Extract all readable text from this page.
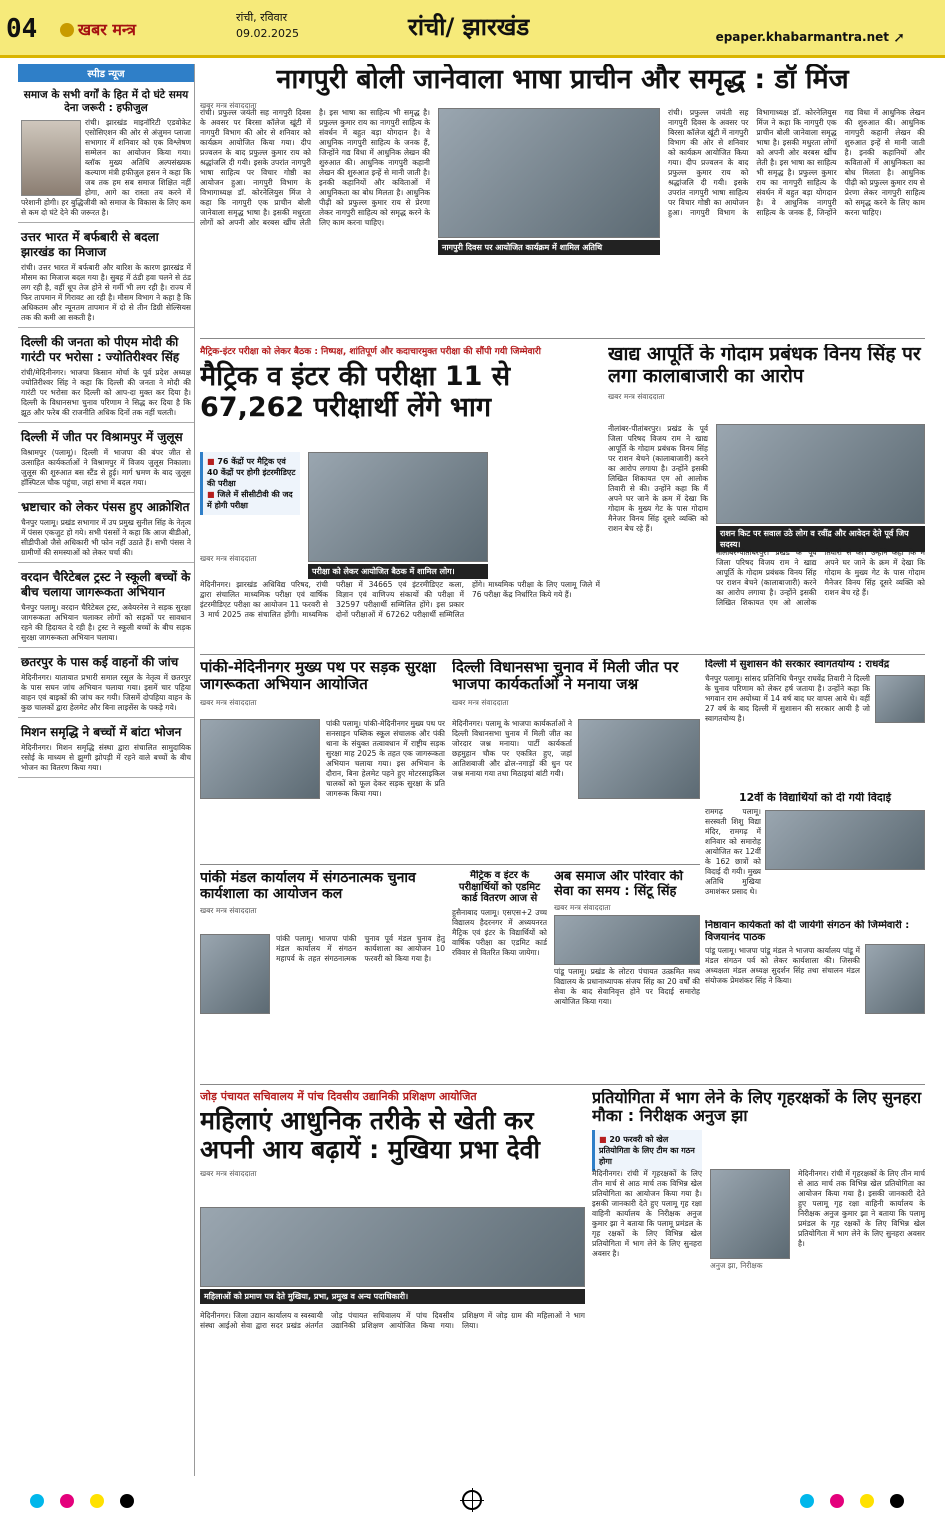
04	खबर मन्त्र
रांची, रविवार
09.02.2025	रांची/ झारखंड	epaper.khabarmantra.net ➚
स्पीड न्यूज
समाज के सभी वर्गों के हित में दो घंटे समय देना जरूरी : हफीजुल
रांची। झारखंड माइनॉरिटी एडवोकेट एसोसिएशन की ओर से अंजुमन प्लाजा सभागार में शनिवार को एक विश्लेषण सम्मेलन का आयोजन किया गया। ब्लॉक मुख्य अतिथि अल्पसंख्यक कल्याण मंत्री हफीजुल हसन ने कहा कि जब तक हम सब समाज शिक्षित नहीं होगा, आगे का रास्ता तय करने में परेशानी होगी। हर बुद्धिजीवी को समाज के विकास के लिए कम से कम दो घंटे देने की जरूरत है।
उत्तर भारत में बर्फबारी से बदला झारखंड का मिजाज
रांची। उत्तर भारत में बर्फबारी और बारिश के कारण झारखंड में मौसम का मिजाज बदल गया है। सुबह में ठंडी हवा चलने से ठंड लग रही है, वहीं धूप तेज होने से गर्मी भी लग रही है। राज्य में फिर तापमान में गिरावट आ रही है। मौसम विभाग ने कहा है कि अधिकतम और न्यूनतम तापमान में दो से तीन डिग्री सेल्सियस तक की कमी आ सकती है।
दिल्ली की जनता को पीएम मोदी की गारंटी पर भरोसा : ज्योतिरीश्वर सिंह
रांची/मेदिनीनगर। भाजपा किसान मोर्चा के पूर्व प्रदेश अध्यक्ष ज्योतिरीश्वर सिंह ने कहा कि दिल्ली की जनता ने मोदी की गारंटी पर भरोसा कर दिल्ली को आप-दा मुक्त कर दिया है। दिल्ली के विधानसभा चुनाव परिणाम ने सिद्ध कर दिया है कि झूठ और फरेब की राजनीति अधिक दिनों तक नहीं चलती।
दिल्ली में जीत पर विश्रामपुर में जुलूस
विश्रामपुर (पलामू)। दिल्ली में भाजपा की बंपर जीत से उत्साहित कार्यकर्ताओं ने विश्रामपुर में विजय जुलूस निकाला। जुलूस की शुरुआत बस स्टैंड से हुई। मार्ग भ्रमण के बाद जुलूस हॉस्पिटल चौक पहुंचा, जहां सभा में बदल गया।
भ्रष्टाचार को लेकर पंसस हुए आक्रोशित
चैनपुर पलामू। प्रखंड सभागार में उप प्रमुख सुनील सिंह के नेतृत्व में पंसस एकजुट हो गये। सभी पंससों ने कहा कि आज बीडीओ, सीडीपीओ जैसे अधिकारी भी फोन नहीं उठाते हैं। सभी पंसस ने ग्रामीणों की समस्याओं को लेकर चर्चा की।
वरदान चैरिटेबल ट्रस्ट ने स्कूली बच्चों के बीच चलाया जागरूकता अभियान
चैनपुर पलामू। वरदान चैरिटेबल ट्रस्ट, अवेयरनेस ने सड़क सुरक्षा जागरूकता अभियान चलाकर लोगों को सड़कों पर सावधान रहने की हिदायत दे रही है। ट्रस्ट ने स्कूली बच्चों के बीच सड़क सुरक्षा जागरूकता अभियान चलाया।
छतरपुर के पास कई वाहनों की जांच
मेदिनीनगर। यातायात प्रभारी समाल रसूल के नेतृत्व में छतरपुर के पास सघन जांच अभियान चलाया गया। इसमें चार पहिया वाहन एवं बाइकों की जांच कर गयी। जिसमें दोपहिया वाहन के कुछ चालकों द्वारा हेलमेट और बिना लाइसेंस के पकड़े गये।
मिशन समृद्धि ने बच्चों में बांटा भोजन
मेदिनीनगर। मिशन समृद्धि संस्था द्वारा संचालित सामुदायिक रसोई के माध्यम से झुग्गी झोपड़ी में रहने वाले बच्चों के बीच भोजन का वितरण किया गया।
नागपुरी बोली जानेवाला भाषा प्राचीन और समृद्ध : डॉ मिंज
खबर मन्त्र संवाददाता
रांची। प्रफुल्ल जयंती सह नागपुरी दिवस के अवसर पर बिरसा कॉलेज खूंटी में नागपुरी विभाग की ओर से शनिवार को कार्यक्रम आयोजित किया गया। दीप प्रज्वलन के बाद प्रफुल्ल कुमार राय को श्रद्धांजलि दी गयी। इसके उपरांत नागपुरी भाषा साहित्य पर विचार गोष्ठी का आयोजन हुआ। नागपुरी विभाग के विभागाध्यक्ष डॉ. कोरनेलियुस मिंज ने कहा कि नागपुरी एक प्राचीन बोली जानेवाला समृद्ध भाषा है। इसकी मधुरता लोगों को अपनी ओर बरबस खींच लेती है। इस भाषा का साहित्य भी समृद्ध है। प्रफुल्ल कुमार राय का नागपुरी साहित्य के संवर्धन में बहुत बड़ा योगदान है। वे आधुनिक नागपुरी साहित्य के जनक हैं, जिन्होंने गद्य विधा में आधुनिक लेखन की शुरुआत की। आधुनिक नागपुरी कहानी लेखन की शुरुआत इन्हें से मानी जाती है। इनकी कहानियों और कविताओं में आधुनिकता का बोध मिलता है। आधुनिक पीढ़ी को प्रफुल्ल कुमार राय से प्रेरणा लेकर नागपुरी साहित्य को समृद्ध करने के लिए काम करना चाहिए।
नागपुरी दिवस पर आयोजित कार्यक्रम में शामिल अतिथि
रांची। प्रफुल्ल जयंती सह नागपुरी दिवस के अवसर पर बिरसा कॉलेज खूंटी में नागपुरी विभाग की ओर से शनिवार को कार्यक्रम आयोजित किया गया। दीप प्रज्वलन के बाद प्रफुल्ल कुमार राय को श्रद्धांजलि दी गयी। इसके उपरांत नागपुरी भाषा साहित्य पर विचार गोष्ठी का आयोजन हुआ। नागपुरी विभाग के विभागाध्यक्ष डॉ. कोरनेलियुस मिंज ने कहा कि नागपुरी एक प्राचीन बोली जानेवाला समृद्ध भाषा है। इसकी मधुरता लोगों को अपनी ओर बरबस खींच लेती है। इस भाषा का साहित्य भी समृद्ध है। प्रफुल्ल कुमार राय का नागपुरी साहित्य के संवर्धन में बहुत बड़ा योगदान है। वे आधुनिक नागपुरी साहित्य के जनक हैं, जिन्होंने गद्य विधा में आधुनिक लेखन की शुरुआत की। आधुनिक नागपुरी कहानी लेखन की शुरुआत इन्हें से मानी जाती है। इनकी कहानियों और कविताओं में आधुनिकता का बोध मिलता है। आधुनिक पीढ़ी को प्रफुल्ल कुमार राय से प्रेरणा लेकर नागपुरी साहित्य को समृद्ध करने के लिए काम करना चाहिए।
मैट्रिक-इंटर परीक्षा को लेकर बैठक : निष्पक्ष, शांतिपूर्ण और कदाचारमुक्त परीक्षा की सौंपी गयी जिम्मेवारी
मैट्रिक व इंटर की परीक्षा 11 से 67,262 परीक्षार्थी लेंगे भाग
■ 76 केंद्रों पर मैट्रिक एवं 40 केंद्रों पर होगी इंटरमीडिएट की परीक्षा
■ जिले में सीसीटीवी की जद में होगी परीक्षा
परीक्षा को लेकर आयोजित बैठक में शामिल लोग।
खबर मन्त्र संवाददाता
मेदिनीनगर। झारखंड अधिविद्य परिषद, रांची द्वारा संचालित माध्यमिक परीक्षा एवं वार्षिक इंटरमीडिएट परीक्षा का आयोजन 11 फरवरी से 3 मार्च 2025 तक संचालित होंगी। माध्यमिक परीक्षा में 34665 एवं इंटरमीडिएट कला, विज्ञान एवं वाणिज्य संकायों की परीक्षा में 32597 परीक्षार्थी सम्मिलित होंगे। इस प्रकार दोनों परीक्षाओं में 67262 परीक्षार्थी सम्मिलित होंगे। माध्यमिक परीक्षा के लिए पलामू जिले में 76 परीक्षा केंद्र निर्धारित किये गये हैं।
खाद्य आपूर्ति के गोदाम प्रबंधक विनय सिंह पर लगा कालाबाजारी का आरोप
खबर मन्त्र संवाददाता
नीलांबर-पीतांबरपुर। प्रखंड के पूर्व जिला परिषद विजय राम ने खाद्य आपूर्ति के गोदाम प्रबंधक विनय सिंह पर राशन बेचने (कालाबाजारी) करने का आरोप लगाया है। उन्होंने इसकी लिखित शिकायत एम ओ आलोक तिवारी से की। उन्होंने कहा कि मैं अपने घर जाने के क्रम में देखा कि गोदाम के मुख्य गेट के पास गोदाम मैनेजर विनय सिंह दूसरे व्यक्ति को राशन बेच रहे हैं।
राशन किट पर सवाल उठे लोग व रवींद्र और आवेदन देते पूर्व जिप सदस्य।
नीलांबर-पीतांबरपुर। प्रखंड के पूर्व जिला परिषद विजय राम ने खाद्य आपूर्ति के गोदाम प्रबंधक विनय सिंह पर राशन बेचने (कालाबाजारी) करने का आरोप लगाया है। उन्होंने इसकी लिखित शिकायत एम ओ आलोक तिवारी से की। उन्होंने कहा कि मैं अपने घर जाने के क्रम में देखा कि गोदाम के मुख्य गेट के पास गोदाम मैनेजर विनय सिंह दूसरे व्यक्ति को राशन बेच रहे हैं।
दिल्ली में सुशासन की सरकार स्वागतयोग्य : राधवेंद्र
चैनपुर पलामू। सांसद प्रतिनिधि चैनपुर राघवेंद्र तिवारी ने दिल्ली के चुनाव परिणाम को लेकर हर्ष जताया है। उन्होंने कहा कि भगवान राम अयोध्या में 14 वर्ष बाद घर वापस आये थे। वहीं 27 वर्ष के बाद दिल्ली में सुशासन की सरकार आयी है जो स्वागतयोग्य है।
12वीं के विद्यार्थियों को दी गयी विदाई
रामगढ़ पलामू। सरस्वती शिशु विद्या मंदिर, रामगढ़ में शनिवार को समारोह आयोजित कर 12वीं के 162 छात्रों को विदाई दी गयी। मुख्य अतिथि मुखिया उमाशंकर प्रसाद थे।
पांकी-मेदिनीनगर मुख्य पथ पर सड़क सुरक्षा जागरूकता अभियान आयोजित
खबर मन्त्र संवाददाता
पांकी पलामू। पांकी-मेदिनीनगर मुख्य पथ पर सनसाइन पब्लिक स्कूल संचालक और पंकी थाना के संयुक्त तत्वावधान में राष्ट्रीय सड़क सुरक्षा माह 2025 के तहत एक जागरूकता अभियान चलाया गया। इस अभियान के दौरान, बिना हेलमेट पहने हुए मोटरसाइकिल चालकों को फूल देकर सड़क सुरक्षा के प्रति जागरूक किया गया।
दिल्ली विधानसभा चुनाव में मिली जीत पर भाजपा कार्यकर्ताओं ने मनाया जश्न
खबर मन्त्र संवाददाता
मेदिनीनगर। पलामू के भाजपा कार्यकर्ताओं ने दिल्ली विधानसभा चुनाव में मिली जीत का जोरदार जश्न मनाया। पार्टी कार्यकर्ता छहमुहान चौक पर एकत्रित हुए, जहां आतिशबाजी और ढोल-नगाड़ों की धुन पर जश्न मनाया गया तथा मिठाइयां बांटी गयी।
पांकी मंडल कार्यालय में संगठनात्मक चुनाव कार्यशाला का आयोजन कल
खबर मन्त्र संवाददाता
पांकी पलामू। भाजपा पांकी मंडल कार्यालय में संगठन महापर्व के तहत संगठनात्मक चुनाव पूर्व मंडल चुनाव हेतु कार्यशाला का आयोजन 10 फरवरी को किया गया है।
मैट्रिक व इंटर के परीक्षार्थियों को एडमिट कार्ड वितरण आज से
हुसैनाबाद पलामू। एसएस+2 उच्च विद्यालय हैदरनगर में अध्ययनरत मैट्रिक एवं इंटर के विद्यार्थियों को वार्षिक परीक्षा का एडमिट कार्ड रविवार से वितरित किया जायेगा।
अब समाज और परिवार की सेवा का समय : सिंटू सिंह
खबर मन्त्र संवाददाता
पांडू पलामू। प्रखंड के लोटरा पंचायत उत्क्रमित मध्य विद्यालय के प्रधानाध्यापक संजय सिंह का 20 वर्षों की सेवा के बाद सेवानिवृत्त होने पर विदाई समारोह आयोजित किया गया।
निष्ठावान कार्यकर्ता को दी जायेगी संगठन की जिम्मेवारी : विजयानंद पाठक
पांडू पलामू। भाजपा पांडू मंडल ने भाजपा कार्यालय पांडू में मंडल संगठन पर्व को लेकर कार्यशाला की। जिसकी अध्यक्षता मंडल अध्यक्ष सुदर्शन सिंह तथा संचालन मंडल संयोजक प्रेमशंकर सिंह ने किया।
जोड़ पंचायत सचिवालय में पांच दिवसीय उद्यानिकी प्रशिक्षण आयोजित
महिलाएं आधुनिक तरीके से खेती कर अपनी आय बढ़ायें : मुखिया प्रभा देवी
खबर मन्त्र संवाददाता
महिलाओं को प्रमाण पत्र देते मुखिया, प्रभा, प्रमुख व अन्य पदाधिकारी।
मेदिनीनगर। जिला उद्यान कार्यालय व स्वस्वायी संस्था आईओ सेवा द्वारा सदर प्रखंड अंतर्गत जोड़ पंचायत सचिवालय में पांच दिवसीय उद्यानिकी प्रशिक्षण आयोजित किया गया। प्रशिक्षण में जोड़ ग्राम की महिलाओं ने भाग लिया।
प्रतियोगिता में भाग लेने के लिए गृहरक्षकों के लिए सुनहरा मौका : निरीक्षक अनुज झा
■ 20 फरवरी को खेल प्रतियोगिता के लिए टीम का गठन होगा
मेदिनीनगर। रांची में गृहरक्षकों के लिए तीन मार्च से आठ मार्च तक विभिन्न खेल प्रतियोगिता का आयोजन किया गया है। इसकी जानकारी देते हुए पलामू गृह रक्षा वाहिनी कार्यालय के निरीक्षक अनुज कुमार झा ने बताया कि पलामू प्रमंडल के गृह रक्षकों के लिए विभिन्न खेल प्रतियोगिता में भाग लेने के लिए सुनहरा अवसर है।
अनुज झा, निरीक्षक
मेदिनीनगर। रांची में गृहरक्षकों के लिए तीन मार्च से आठ मार्च तक विभिन्न खेल प्रतियोगिता का आयोजन किया गया है। इसकी जानकारी देते हुए पलामू गृह रक्षा वाहिनी कार्यालय के निरीक्षक अनुज कुमार झा ने बताया कि पलामू प्रमंडल के गृह रक्षकों के लिए विभिन्न खेल प्रतियोगिता में भाग लेने के लिए सुनहरा अवसर है।
